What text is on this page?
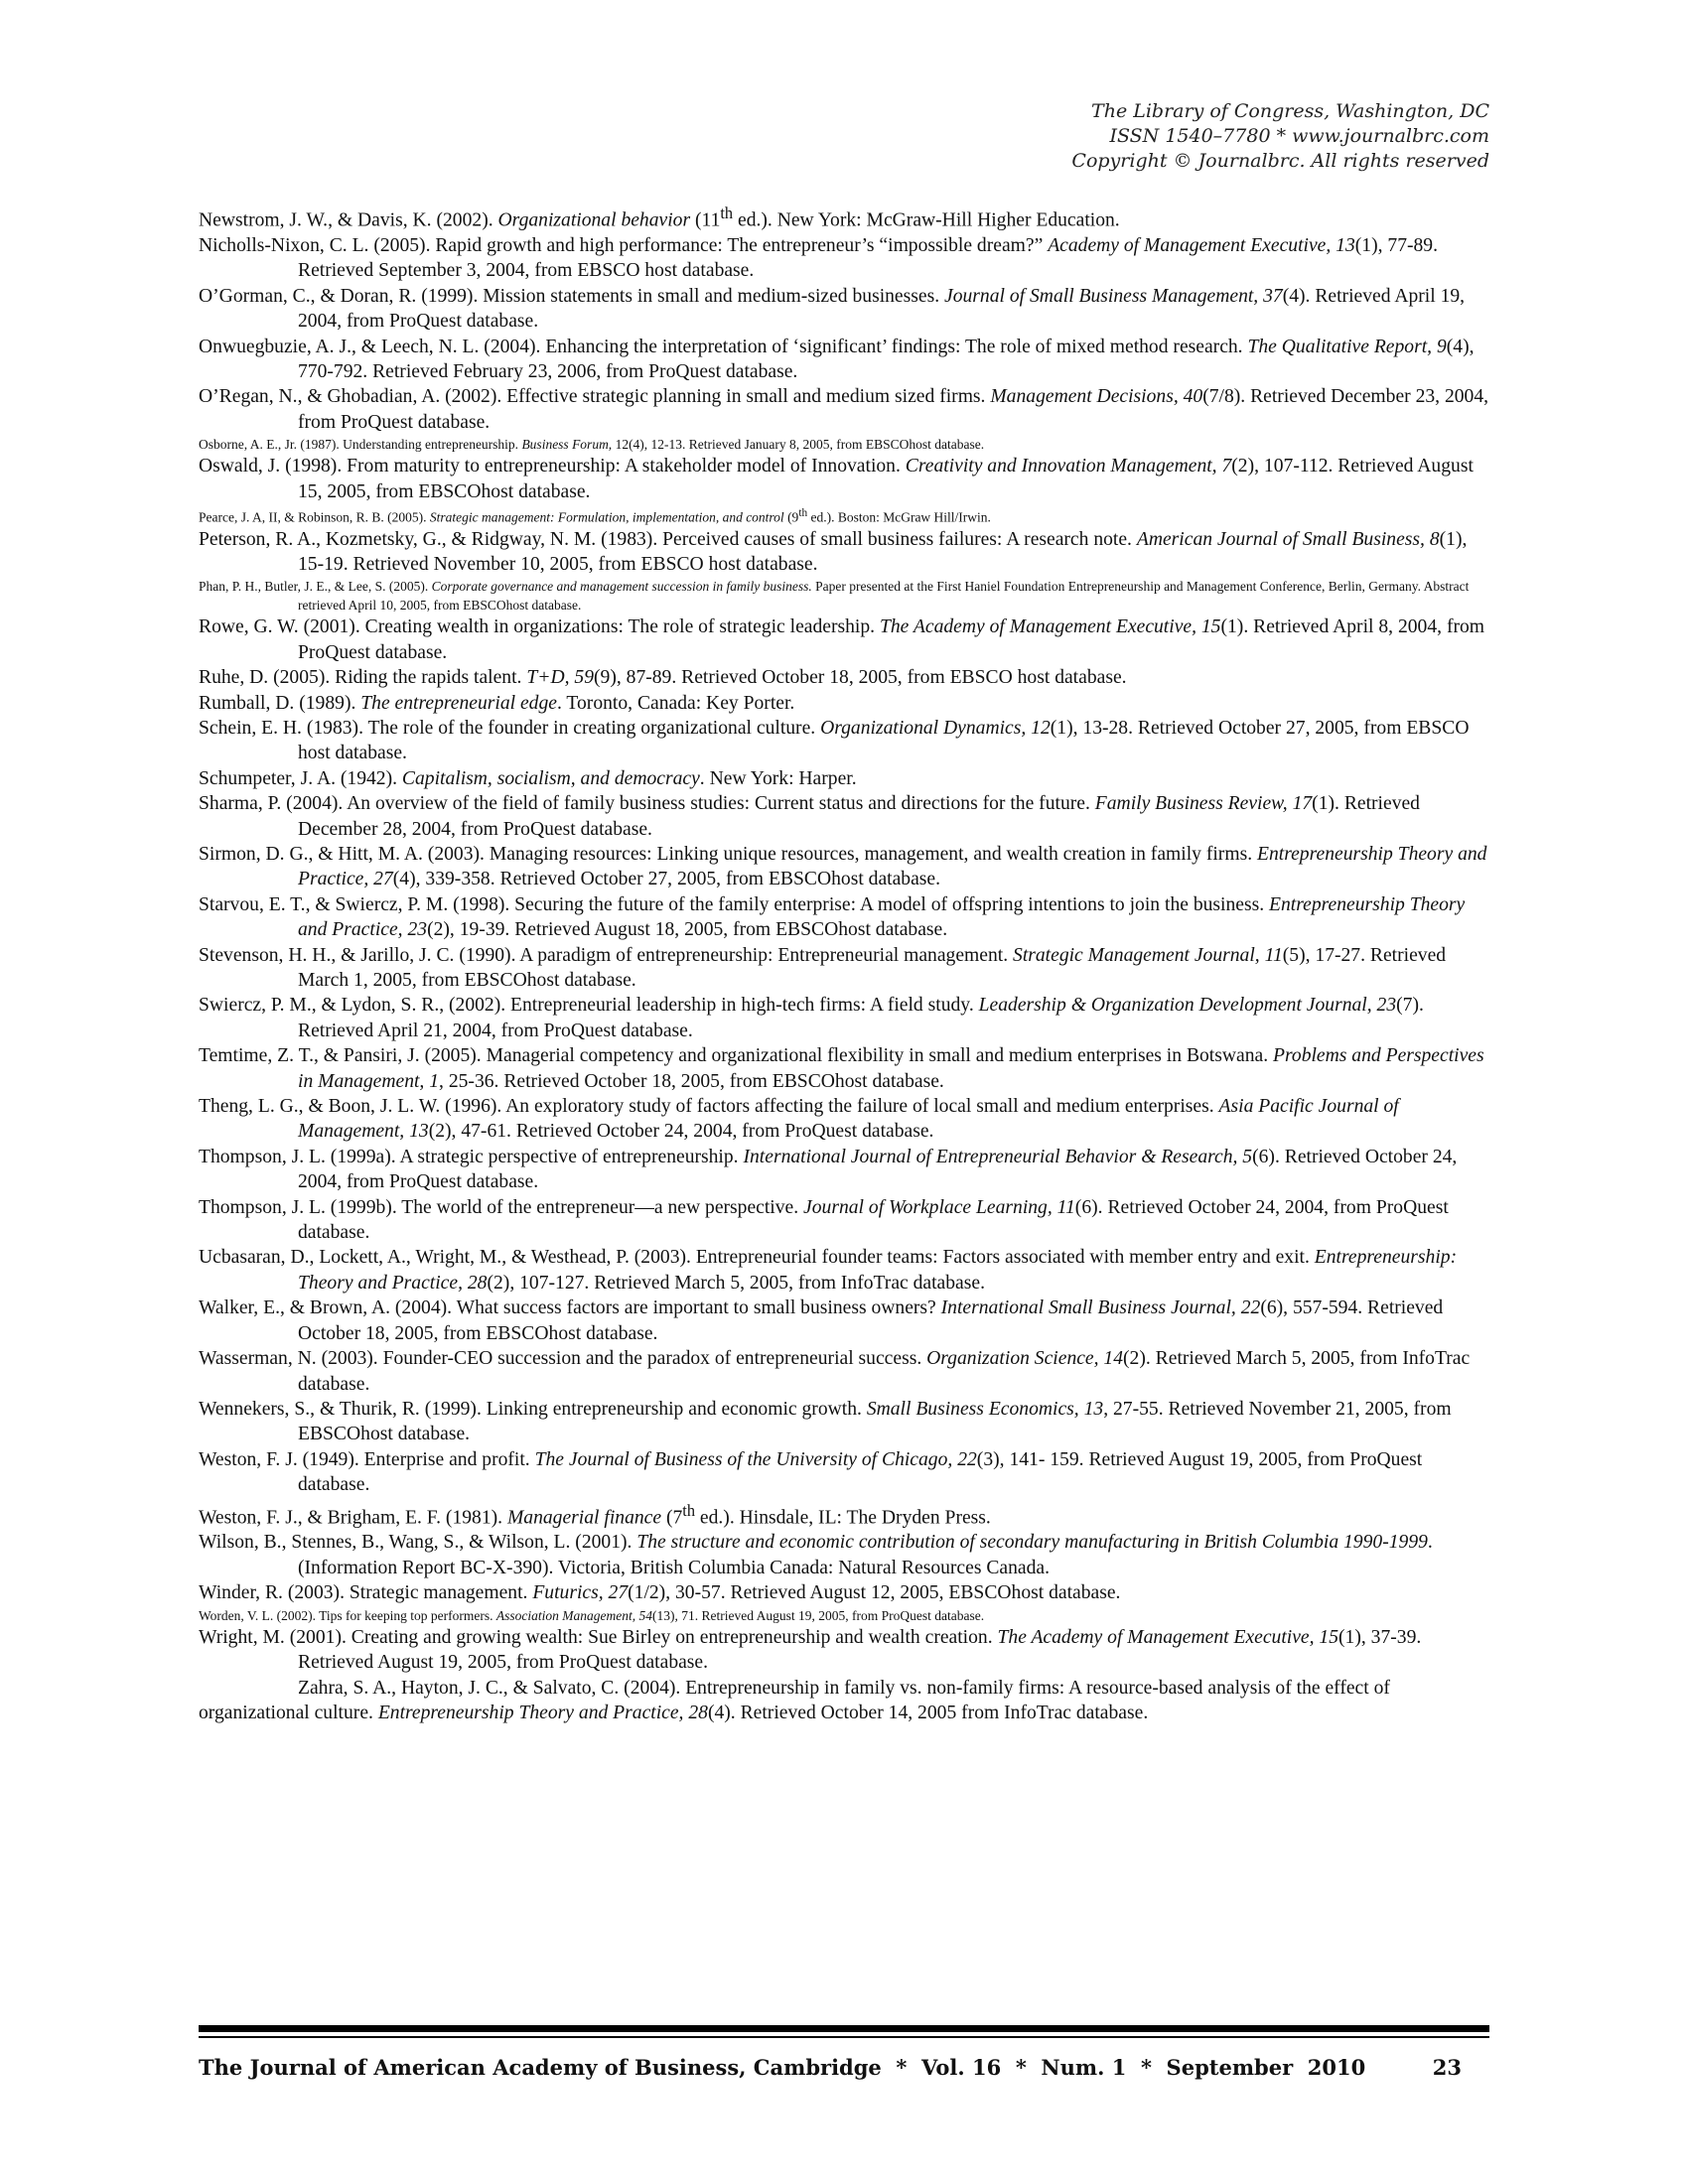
The Library of Congress, Washington, DC
ISSN 1540–7780 * www.journalbrc.com
Copyright © Journalbrc. All rights reserved

Newstrom, J. W., & Davis, K. (2002). Organizational behavior (11th ed.). New York: McGraw-Hill Higher Education.

Nicholls-Nixon, C. L. (2005). Rapid growth and high performance: The entrepreneur’s “impossible dream?” Academy of Management Executive, 13(1), 77-89. Retrieved September 3, 2004, from EBSCO host database.

O’Gorman, C., & Doran, R. (1999). Mission statements in small and medium-sized businesses. Journal of Small Business Management, 37(4). Retrieved April 19, 2004, from ProQuest database.

Onwuegbuzie, A. J., & Leech, N. L. (2004). Enhancing the interpretation of ‘significant’ findings: The role of mixed method research. The Qualitative Report, 9(4), 770-792. Retrieved February 23, 2006, from ProQuest database.

O’Regan, N., & Ghobadian, A. (2002). Effective strategic planning in small and medium sized firms. Management Decisions, 40(7/8). Retrieved December 23, 2004, from ProQuest database.

Osborne, A. E., Jr. (1987). Understanding entrepreneurship. Business Forum, 12(4), 12-13. Retrieved January 8, 2005, from EBSCOhost database.

Oswald, J. (1998). From maturity to entrepreneurship: A stakeholder model of Innovation. Creativity and Innovation Management, 7(2), 107-112. Retrieved August 15, 2005, from EBSCOhost database.

Pearce, J. A, II, & Robinson, R. B. (2005). Strategic management: Formulation, implementation, and control (9th ed.). Boston: McGraw Hill/Irwin.

Peterson, R. A., Kozmetsky, G., & Ridgway, N. M. (1983). Perceived causes of small business failures: A research note. American Journal of Small Business, 8(1), 15-19. Retrieved November 10, 2005, from EBSCO host database.

Phan, P. H., Butler, J. E., & Lee, S. (2005). Corporate governance and management succession in family business. Paper presented at the First Haniel Foundation Entrepreneurship and Management Conference, Berlin, Germany. Abstract retrieved April 10, 2005, from EBSCOhost database.

Rowe, G. W. (2001). Creating wealth in organizations: The role of strategic leadership. The Academy of Management Executive, 15(1). Retrieved April 8, 2004, from ProQuest database.

Ruhe, D. (2005). Riding the rapids talent. T+D, 59(9), 87-89. Retrieved October 18, 2005, from EBSCO host database.

Rumball, D. (1989). The entrepreneurial edge. Toronto, Canada: Key Porter.

Schein, E. H. (1983). The role of the founder in creating organizational culture. Organizational Dynamics, 12(1), 13-28. Retrieved October 27, 2005, from EBSCO host database.

Schumpeter, J. A. (1942). Capitalism, socialism, and democracy. New York: Harper.

Sharma, P. (2004). An overview of the field of family business studies: Current status and directions for the future. Family Business Review, 17(1). Retrieved December 28, 2004, from ProQuest database.

Sirmon, D. G., & Hitt, M. A. (2003). Managing resources: Linking unique resources, management, and wealth creation in family firms. Entrepreneurship Theory and Practice, 27(4), 339-358. Retrieved October 27, 2005, from EBSCOhost database.

Starvou, E. T., & Swiercz, P. M. (1998). Securing the future of the family enterprise: A model of offspring intentions to join the business. Entrepreneurship Theory and Practice, 23(2), 19-39. Retrieved August 18, 2005, from EBSCOhost database.

Stevenson, H. H., & Jarillo, J. C. (1990). A paradigm of entrepreneurship: Entrepreneurial management. Strategic Management Journal, 11(5), 17-27. Retrieved March 1, 2005, from EBSCOhost database.

Swiercz, P. M., & Lydon, S. R., (2002). Entrepreneurial leadership in high-tech firms: A field study. Leadership & Organization Development Journal, 23(7). Retrieved April 21, 2004, from ProQuest database.

Temtime, Z. T., & Pansiri, J. (2005). Managerial competency and organizational flexibility in small and medium enterprises in Botswana. Problems and Perspectives in Management, 1, 25-36. Retrieved October 18, 2005, from EBSCOhost database.

Theng, L. G., & Boon, J. L. W. (1996). An exploratory study of factors affecting the failure of local small and medium enterprises. Asia Pacific Journal of Management, 13(2), 47-61. Retrieved October 24, 2004, from ProQuest database.

Thompson, J. L. (1999a). A strategic perspective of entrepreneurship. International Journal of Entrepreneurial Behavior & Research, 5(6). Retrieved October 24, 2004, from ProQuest database.

Thompson, J. L. (1999b). The world of the entrepreneur—a new perspective. Journal of Workplace Learning, 11(6). Retrieved October 24, 2004, from ProQuest database.

Ucbasaran, D., Lockett, A., Wright, M., & Westhead, P. (2003). Entrepreneurial founder teams: Factors associated with member entry and exit. Entrepreneurship: Theory and Practice, 28(2), 107-127. Retrieved March 5, 2005, from InfoTrac database.

Walker, E., & Brown, A. (2004). What success factors are important to small business owners? International Small Business Journal, 22(6), 557-594. Retrieved October 18, 2005, from EBSCOhost database.

Wasserman, N. (2003). Founder-CEO succession and the paradox of entrepreneurial success. Organization Science, 14(2). Retrieved March 5, 2005, from InfoTrac database.

Wennekers, S., & Thurik, R. (1999). Linking entrepreneurship and economic growth. Small Business Economics, 13, 27-55. Retrieved November 21, 2005, from EBSCOhost database.

Weston, F. J. (1949). Enterprise and profit. The Journal of Business of the University of Chicago, 22(3), 141- 159. Retrieved August 19, 2005, from ProQuest database.

Weston, F. J., & Brigham, E. F. (1981). Managerial finance (7th ed.). Hinsdale, IL: The Dryden Press.

Wilson, B., Stennes, B., Wang, S., & Wilson, L. (2001). The structure and economic contribution of secondary manufacturing in British Columbia 1990-1999. (Information Report BC-X-390). Victoria, British Columbia Canada: Natural Resources Canada.

Winder, R. (2003). Strategic management. Futurics, 27(1/2), 30-57. Retrieved August 12, 2005, EBSCOhost database.

Worden, V. L. (2002). Tips for keeping top performers. Association Management, 54(13), 71. Retrieved August 19, 2005, from ProQuest database.

Wright, M. (2001). Creating and growing wealth: Sue Birley on entrepreneurship and wealth creation. The Academy of Management Executive, 15(1), 37-39. Retrieved August 19, 2005, from ProQuest database.

Zahra, S. A., Hayton, J. C., & Salvato, C. (2004). Entrepreneurship in family vs. non-family firms: A resource-based analysis of the effect of organizational culture. Entrepreneurship Theory and Practice, 28(4). Retrieved October 14, 2005 from InfoTrac database.

The Journal of American Academy of Business, Cambridge  *  Vol. 16  *  Num. 1  *  September  2010	23
